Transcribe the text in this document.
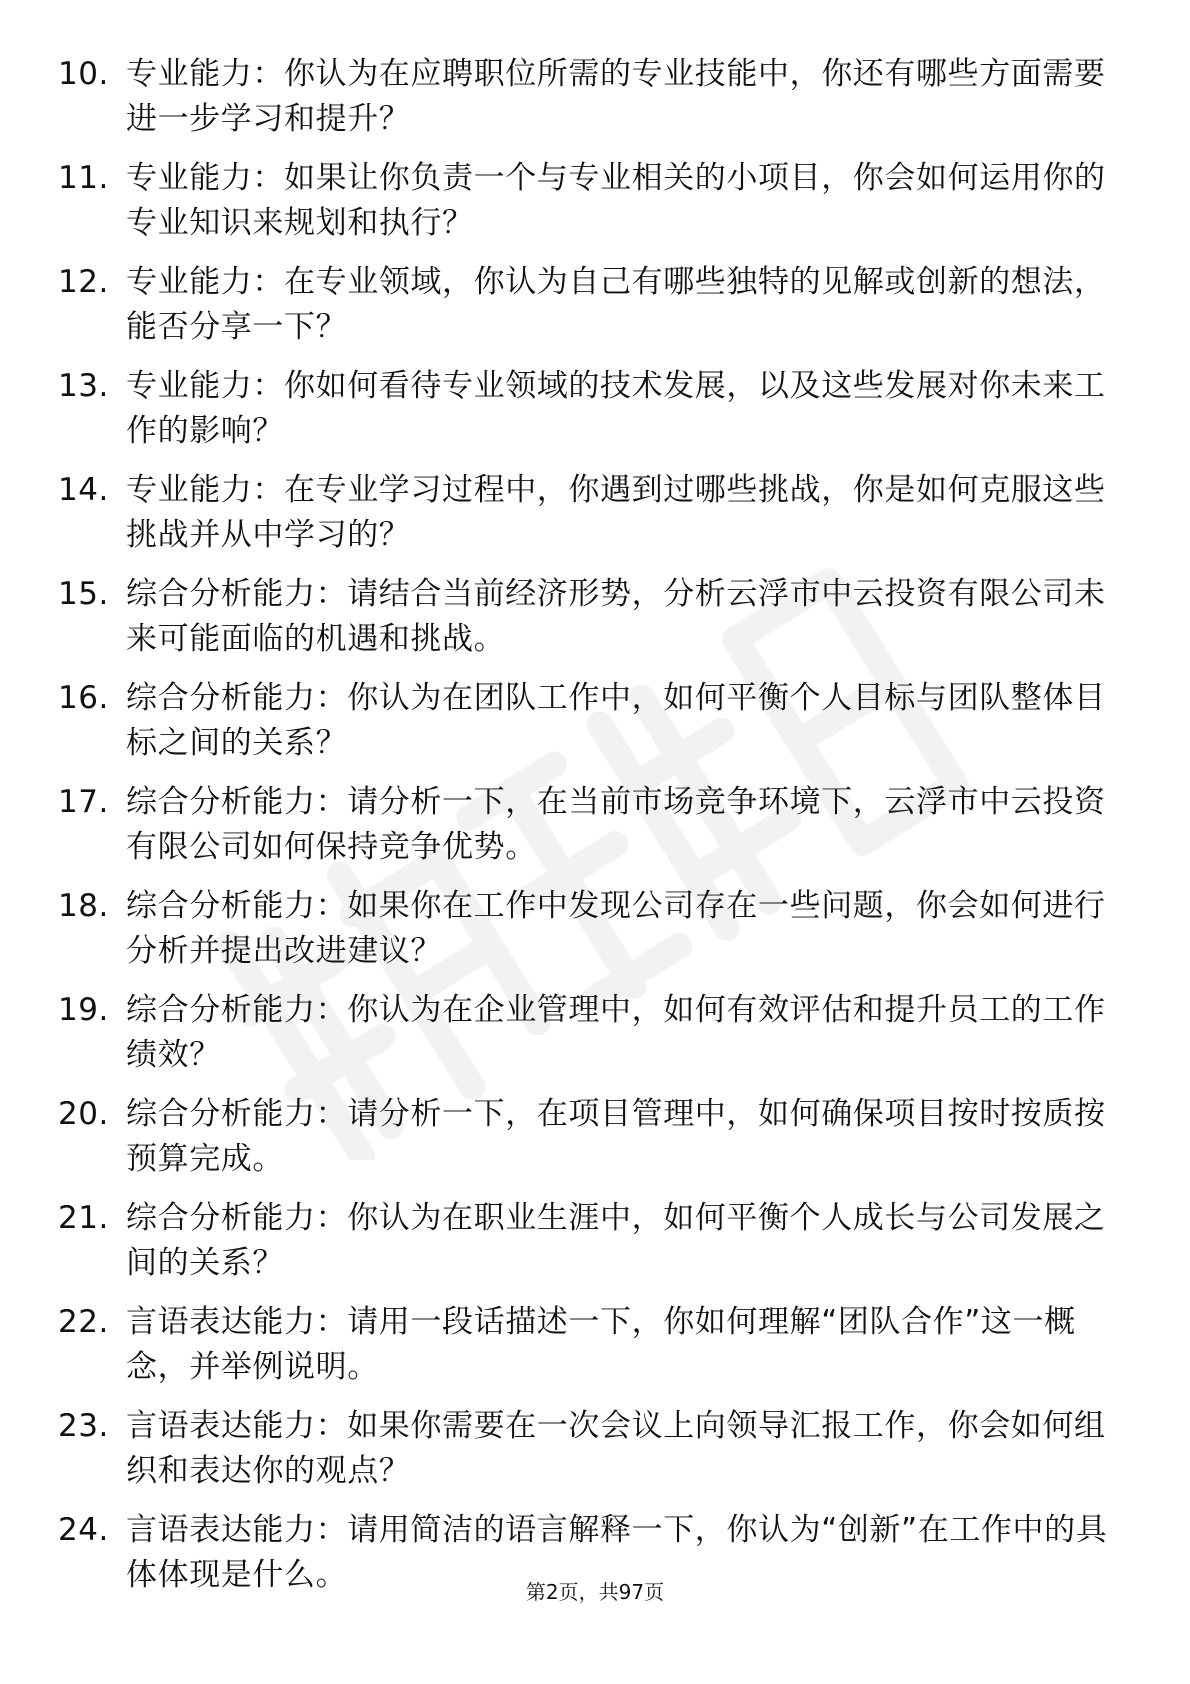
10. 专业能力：你认为在应聘职位所需的专业技能中，你还有哪些方面需要进一步学习和提升？
11. 专业能力：如果让你负责一个与专业相关的小项目，你会如何运用你的专业知识来规划和执行？
12. 专业能力：在专业领域，你认为自己有哪些独特的见解或创新的想法，能否分享一下？
13. 专业能力：你如何看待专业领域的技术发展，以及这些发展对你未来工作的影响？
14. 专业能力：在专业学习过程中，你遇到过哪些挑战，你是如何克服这些挑战并从中学习的？
15. 综合分析能力：请结合当前经济形势，分析云浮市中云投资有限公司未来可能面临的机遇和挑战。
16. 综合分析能力：你认为在团队工作中，如何平衡个人目标与团队整体目标之间的关系？
17. 综合分析能力：请分析一下，在当前市场竞争环境下，云浮市中云投资有限公司如何保持竞争优势。
18. 综合分析能力：如果你在工作中发现公司存在一些问题，你会如何进行分析并提出改进建议？
19. 综合分析能力：你认为在企业管理中，如何有效评估和提升员工的工作绩效？
20. 综合分析能力：请分析一下，在项目管理中，如何确保项目按时按质按预算完成。
21. 综合分析能力：你认为在职业生涯中，如何平衡个人成长与公司发展之间的关系？
22. 言语表达能力：请用一段话描述一下，你如何理解“团队合作”这一概念，并举例说明。
23. 言语表达能力：如果你需要在一次会议上向领导汇报工作，你会如何组织和表达你的观点？
24. 言语表达能力：请用简洁的语言解释一下，你认为“创新”在工作中的具体体现是什么。	第2页，共97页
